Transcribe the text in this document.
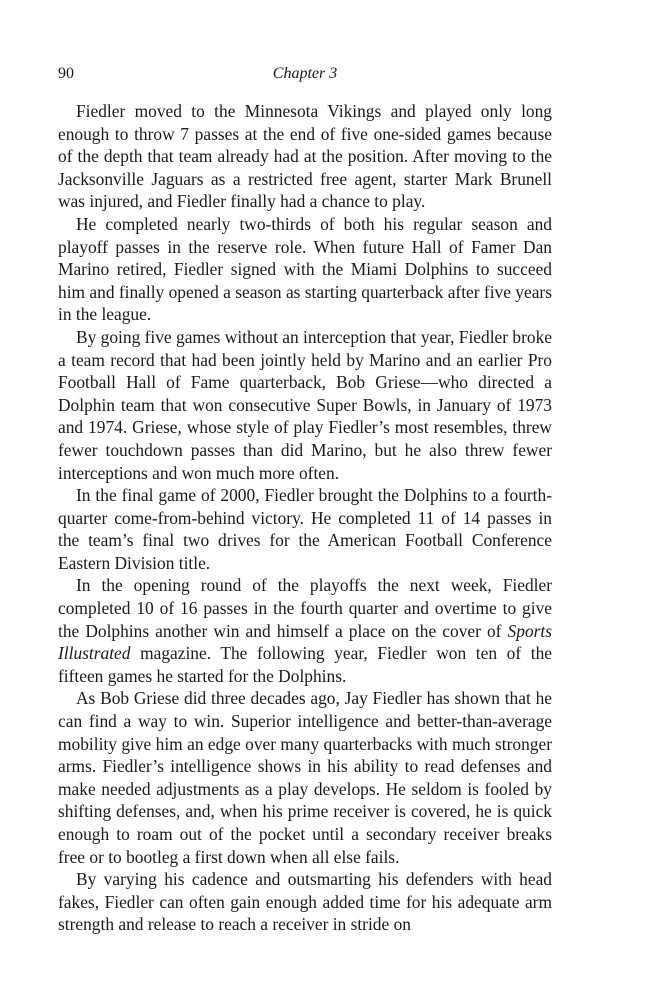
90	Chapter 3

Fiedler moved to the Minnesota Vikings and played only long enough to throw 7 passes at the end of five one-sided games because of the depth that team already had at the position. After moving to the Jacksonville Jaguars as a restricted free agent, starter Mark Brunell was injured, and Fiedler finally had a chance to play.

He completed nearly two-thirds of both his regular season and playoff passes in the reserve role. When future Hall of Famer Dan Marino retired, Fiedler signed with the Miami Dolphins to succeed him and finally opened a season as starting quarterback after five years in the league.

By going five games without an interception that year, Fiedler broke a team record that had been jointly held by Marino and an earlier Pro Football Hall of Fame quarterback, Bob Griese—who directed a Dolphin team that won consecutive Super Bowls, in January of 1973 and 1974. Griese, whose style of play Fiedler’s most resembles, threw fewer touchdown passes than did Marino, but he also threw fewer interceptions and won much more often.

In the final game of 2000, Fiedler brought the Dolphins to a fourth-quarter come-from-behind victory. He completed 11 of 14 passes in the team’s final two drives for the American Football Conference Eastern Division title.

In the opening round of the playoffs the next week, Fiedler completed 10 of 16 passes in the fourth quarter and overtime to give the Dolphins another win and himself a place on the cover of Sports Illustrated magazine. The following year, Fiedler won ten of the fifteen games he started for the Dolphins.

As Bob Griese did three decades ago, Jay Fiedler has shown that he can find a way to win. Superior intelligence and better-than-average mobility give him an edge over many quarterbacks with much stronger arms. Fiedler’s intelligence shows in his ability to read defenses and make needed adjustments as a play develops. He seldom is fooled by shifting defenses, and, when his prime receiver is covered, he is quick enough to roam out of the pocket until a secondary receiver breaks free or to bootleg a first down when all else fails.

By varying his cadence and outsmarting his defenders with head fakes, Fiedler can often gain enough added time for his adequate arm strength and release to reach a receiver in stride on
